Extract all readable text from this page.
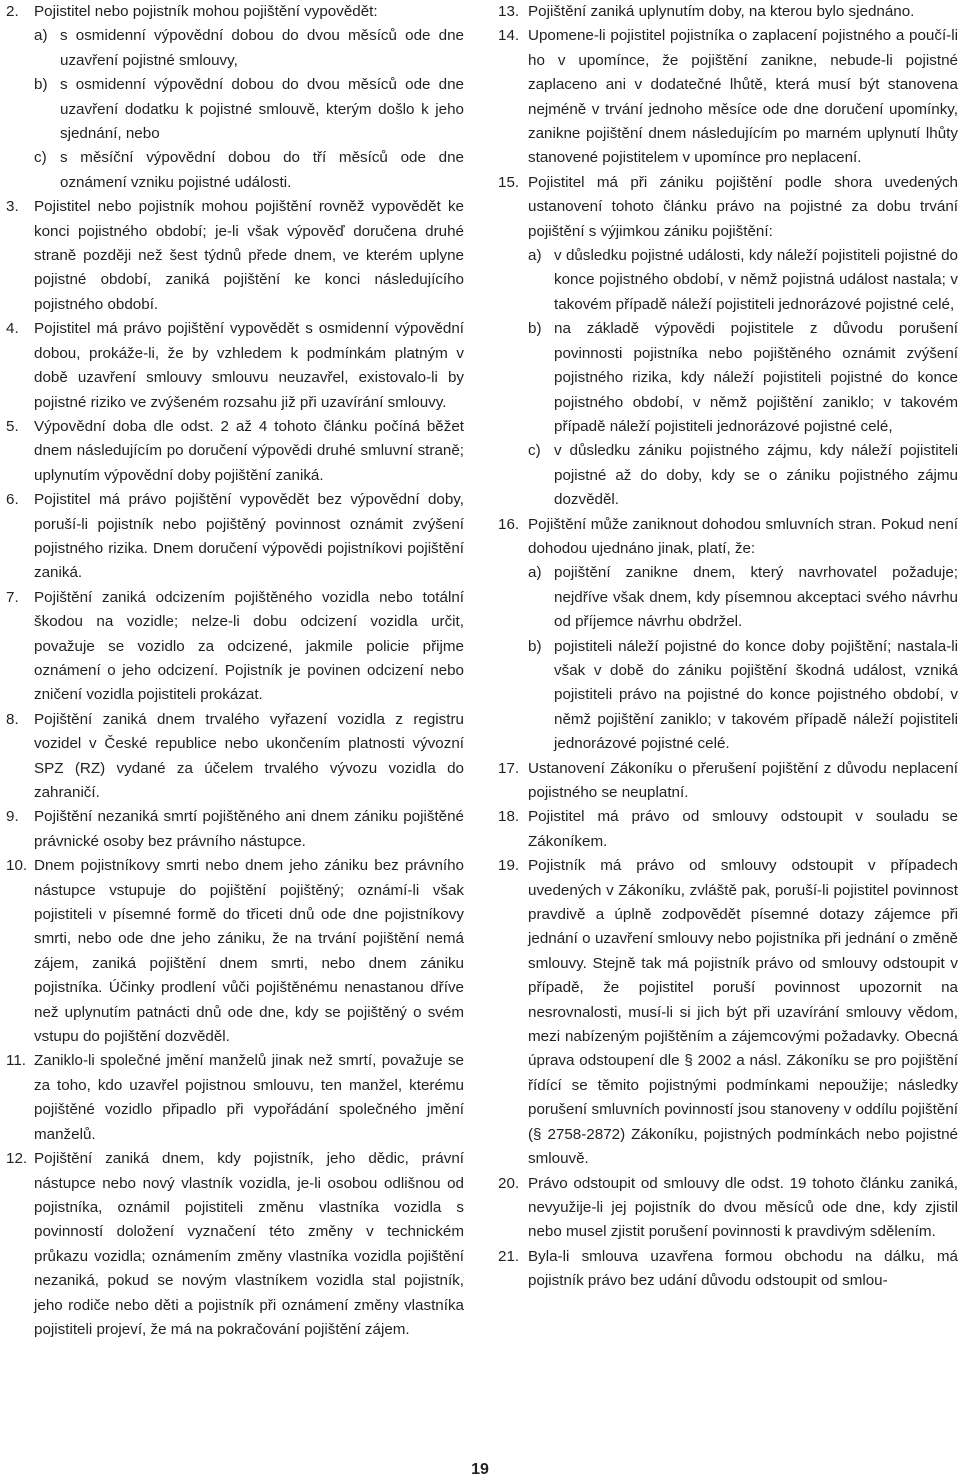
2.	Pojistitel nebo pojistník mohou pojištění vypovědět:
a) s osmidenní výpovědní dobou do dvou měsíců ode dne uzavření pojistné smlouvy,
b) s osmidenní výpovědní dobou do dvou měsíců ode dne uzavření dodatku k pojistné smlouvě, kterým došlo k jeho sjednání, nebo
c) s měsíční výpovědní dobou do tří měsíců ode dne oznámení vzniku pojistné události.
3.	Pojistitel nebo pojistník mohou pojištění rovněž vypovědět ke konci pojistného období; je-li však výpověď doručena druhé straně později než šest týdnů přede dnem, ve kterém uplyne pojistné období, zaniká pojištění ke konci následujícího pojistného období.
4.	Pojistitel má právo pojištění vypovědět s osmidenní výpovědní dobou, prokáže-li, že by vzhledem k podmínkám platným v době uzavření smlouvy smlouvu neuzavřel, existovalo-li by pojistné riziko ve zvýšeném rozsahu již při uzavírání smlouvy.
5.	Výpovědní doba dle odst. 2 až 4 tohoto článku počíná běžet dnem následujícím po doručení výpovědi druhé smluvní straně; uplynutím výpovědní doby pojištění zaniká.
6.	Pojistitel má právo pojištění vypovědět bez výpovědní doby, poruší-li pojistník nebo pojištěný povinnost oznámit zvýšení pojistného rizika. Dnem doručení výpovědi pojistníkovi pojištění zaniká.
7.	Pojištění zaniká odcizením pojištěného vozidla nebo totální škodou na vozidle; nelze-li dobu odcizení vozidla určit, považuje se vozidlo za odcizené, jakmile policie přijme oznámení o jeho odcizení. Pojistník je povinen odcizení nebo zničení vozidla pojistiteli prokázat.
8.	Pojištění zaniká dnem trvalého vyřazení vozidla z registru vozidel v České republice nebo ukončením platnosti vývozní SPZ (RZ) vydané za účelem trvalého vývozu vozidla do zahraničí.
9.	Pojištění nezaniká smrtí pojištěného ani dnem zániku pojištěné právnické osoby bez právního nástupce.
10. Dnem pojistníkovy smrti nebo dnem jeho zániku bez právního nástupce vstupuje do pojištění pojištěný; oznámí-li však pojistiteli v písemné formě do třiceti dnů ode dne pojistníkovy smrti, nebo ode dne jeho zániku, že na trvání pojištění nemá zájem, zaniká pojištění dnem smrti, nebo dnem zániku pojistníka. Účinky prodlení vůči pojištěnému nenastanou dříve než uplynutím patnácti dnů ode dne, kdy se pojištěný o svém vstupu do pojištění dozvěděl.
11. Zaniklo-li společné jmění manželů jinak než smrtí, považuje se za toho, kdo uzavřel pojistnou smlouvu, ten manžel, kterému pojištěné vozidlo připadlo při vypořádání společného jmění manželů.
12. Pojištění zaniká dnem, kdy pojistník, jeho dědic, právní nástupce nebo nový vlastník vozidla, je-li osobou odlišnou od pojistníka, oznámil pojistiteli změnu vlastníka vozidla s povinností doložení vyznačení této změny v technickém průkazu vozidla; oznámením změny vlastníka vozidla pojištění nezaniká, pokud se novým vlastníkem vozidla stal pojistník, jeho rodiče nebo děti a pojistník při oznámení změny vlastníka pojistiteli projeví, že má na pokračování pojištění zájem.
13. Pojištění zaniká uplynutím doby, na kterou bylo sjednáno.
14. Upomene-li pojistitel pojistníka o zaplacení pojistného a poučí-li ho v upomínce, že pojištění zanikne, nebude-li pojistné zaplaceno ani v dodatečné lhůtě, která musí být stanovena nejméně v trvání jednoho měsíce ode dne doručení upomínky, zanikne pojištění dnem následujícím po marném uplynutí lhůty stanovené pojistitelem v upomínce pro neplacení.
15. Pojistitel má při zániku pojištění podle shora uvedených ustanovení tohoto článku právo na pojistné za dobu trvání pojištění s výjimkou zániku pojištění:
a) v důsledku pojistné události, kdy náleží pojistiteli pojistné do konce pojistného období, v němž pojistná událost nastala; v takovém případě náleží pojistiteli jednorázové pojistné celé,
b) na základě výpovědi pojistitele z důvodu porušení povinnosti pojistníka nebo pojištěného oznámit zvýšení pojistného rizika, kdy náleží pojistiteli pojistné do konce pojistného období, v němž pojištění zaniklo; v takovém případě náleží pojistiteli jednorázové pojistné celé,
c) v důsledku zániku pojistného zájmu, kdy náleží pojistiteli pojistné až do doby, kdy se o zániku pojistného zájmu dozvěděl.
16. Pojištění může zaniknout dohodou smluvních stran. Pokud není dohodou ujednáno jinak, platí, že:
a) pojištění zanikne dnem, který navrhovatel požaduje; nejdříve však dnem, kdy písemnou akceptaci svého návrhu od příjemce návrhu obdržel.
b) pojistiteli náleží pojistné do konce doby pojištění; nastala-li však v době do zániku pojištění škodná událost, vzniká pojistiteli právo na pojistné do konce pojistného období, v němž pojištění zaniklo; v takovém případě náleží pojistiteli jednorázové pojistné celé.
17. Ustanovení Zákoníku o přerušení pojištění z důvodu neplacení pojistného se neuplatní.
18. Pojistitel má právo od smlouvy odstoupit v souladu se Zákoníkem.
19. Pojistník má právo od smlouvy odstoupit v případech uvedených v Zákoníku, zvláště pak, poruší-li pojistitel povinnost pravdivě a úplně zodpovědět písemné dotazy zájemce při jednání o uzavření smlouvy nebo pojistníka při jednání o změně smlouvy. Stejně tak má pojistník právo od smlouvy odstoupit v případě, že pojistitel poruší povinnost upozornit na nesrovnalosti, musí-li si jich být při uzavírání smlouvy vědom, mezi nabízeným pojištěním a zájemcovými požadavky. Obecná úprava odstoupení dle § 2002 a násl. Zákoníku se pro pojištění řídící se těmito pojistnými podmínkami nepoužije; následky porušení smluvních povinností jsou stanoveny v oddílu pojištění (§ 2758-2872) Zákoníku, pojistných podmínkách nebo pojistné smlouvě.
20. Právo odstoupit od smlouvy dle odst. 19 tohoto článku zaniká, nevyužije-li jej pojistník do dvou měsíců ode dne, kdy zjistil nebo musel zjistit porušení povinnosti k pravdivým sdělením.
21. Byla-li smlouva uzavřena formou obchodu na dálku, má pojistník právo bez udání důvodu odstoupit od smlou-
19
